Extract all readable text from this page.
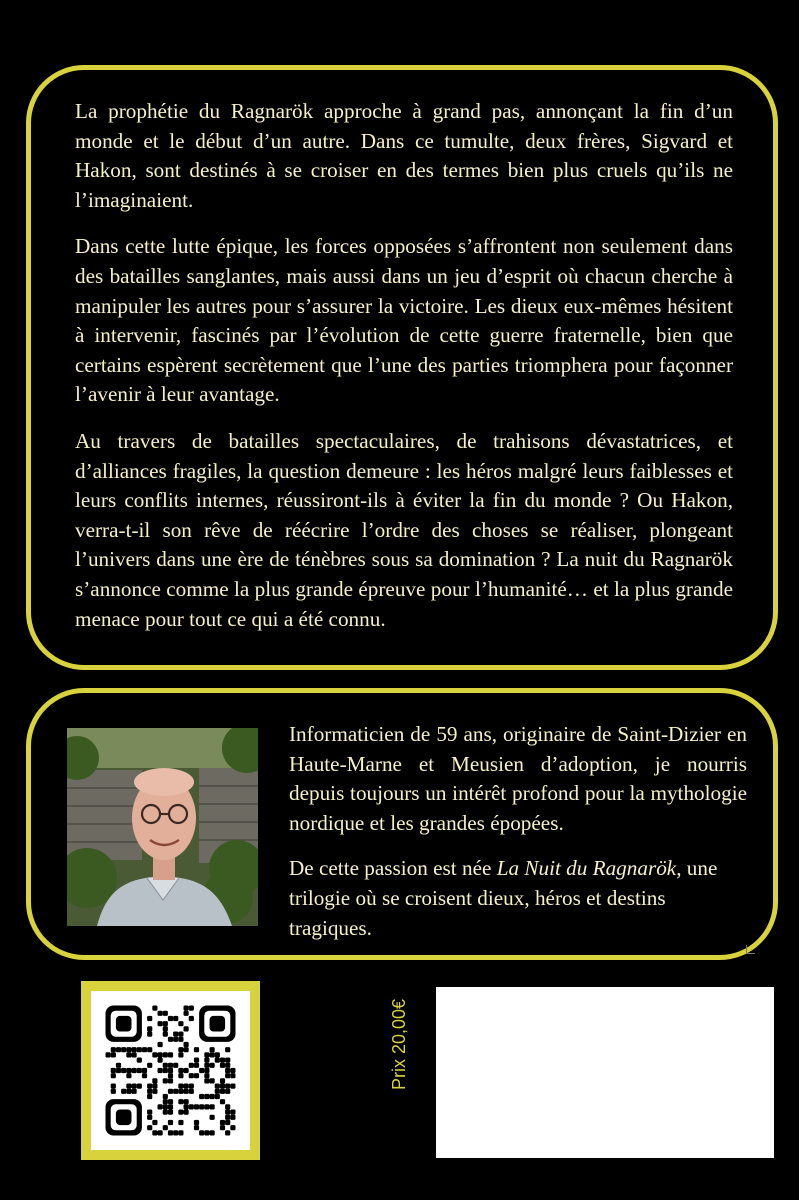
La prophétie du Ragnarök approche à grand pas, annonçant la fin d’un monde et le début d’un autre. Dans ce tumulte, deux frères, Sigvard et Hakon, sont destinés à se croiser en des termes bien plus cruels qu’ils ne l’imaginaient.

Dans cette lutte épique, les forces opposées s’affrontent non seulement dans des batailles sanglantes, mais aussi dans un jeu d’esprit où chacun cherche à manipuler les autres pour s’assurer la victoire. Les dieux eux-mêmes hésitent à intervenir, fascinés par l’évolution de cette guerre fraternelle, bien que certains espèrent secrètement que l’une des parties triomphera pour façonner l’avenir à leur avantage.

Au travers de batailles spectaculaires, de trahisons dévastatrices, et d’alliances fragiles, la question demeure : les héros malgré leurs faiblesses et leurs conflits internes, réussiront-ils à éviter la fin du monde ? Ou Hakon, verra-t-il son rêve de réécrire l’ordre des choses se réaliser, plongeant l’univers dans une ère de ténèbres sous sa domination ? La nuit du Ragnarök s’annonce comme la plus grande épreuve pour l’humanité… et la plus grande menace pour tout ce qui a été connu.

Informaticien de 59 ans, originaire de Saint-Dizier en Haute-Marne et Meusien d’adoption, je nourris depuis toujours un intérêt profond pour la mythologie nordique et les grandes épopées.

De cette passion est née La Nuit du Ragnarök, une trilogie où se croisent dieux, héros et destins tragiques.

Prix 20,00€
